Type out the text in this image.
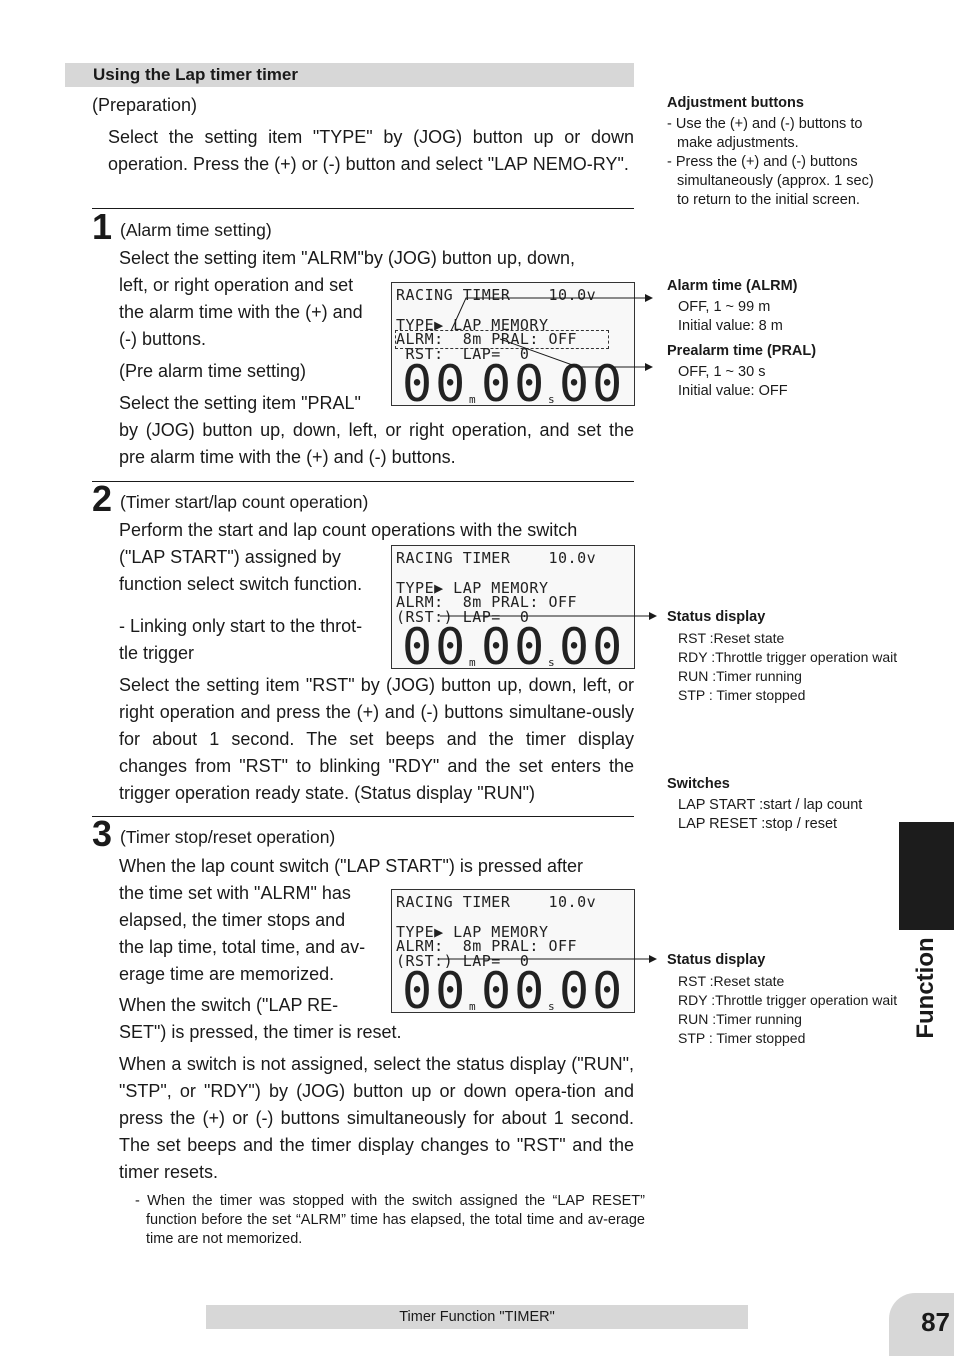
Using the Lap timer timer
(Preparation)
Select the setting item "TYPE" by (JOG) button up or down operation. Press the (+) or (-) button and select "LAP NEMO-RY".
1 (Alarm time setting)
Select the setting item "ALRM"by (JOG) button up, down,
left, or right operation and set
the alarm time with the (+) and
(-) buttons.
(Pre alarm time setting)
Select the setting item "PRAL"
by (JOG) button up, down, left, or right operation, and set the pre alarm time with the (+) and (-) buttons.
RACING TIMER    10.0v
TYPE▶ LAP MEMORY
ALRM:  8m PRAL: OFF
RST:  LAP=  0
00 m 00 s 00
2 (Timer start/lap count operation)
Perform the start and lap count operations with the switch
("LAP START") assigned by
function select switch function.
- Linking only start to the throt-
tle trigger
Select the setting item "RST" by (JOG) button up, down, left, or right operation and press the (+) and (-) buttons simultane-ously for about 1 second. The set beeps and the timer display changes from "RST" to blinking "RDY" and the set enters the trigger operation ready state. (Status display "RUN")
RACING TIMER    10.0v
TYPE▶ LAP MEMORY
ALRM:  8m PRAL: OFF
(RST:) LAP=  0
00 m 00 s 00
3 (Timer stop/reset operation)
When the lap count switch ("LAP START") is pressed after
the time set with "ALRM" has
elapsed, the timer stops and
the lap time, total time, and av-
erage time are memorized.
When the switch ("LAP RE-
SET") is pressed, the timer is reset.
When a switch is not assigned, select the status display ("RUN", "STP", or "RDY") by (JOG) button up or down opera-tion and press the (+) or (-) buttons simultaneously for about 1 second. The set beeps and the timer display changes to "RST" and the timer resets.
- When the timer was stopped with the switch assigned the “LAP RESET” function before the set “ALRM” time has elapsed, the total time and av-erage time are not memorized.
RACING TIMER    10.0v
TYPE▶ LAP MEMORY
ALRM:  8m PRAL: OFF
(RST:) LAP=  0
00 m 00 s 00
Adjustment buttons
- Use the (+) and (-) buttons to
make adjustments.
- Press the (+) and (-) buttons
simultaneously (approx. 1 sec)
to return to the initial screen.
Alarm time (ALRM)
OFF, 1 ~ 99 m
Initial value: 8 m
Prealarm time (PRAL)
OFF, 1 ~ 30 s
Initial value: OFF
Status display
RST :Reset state
RDY :Throttle trigger operation wait
RUN :Timer running
STP : Timer stopped
Switches
LAP START :start / lap count
LAP RESET :stop / reset
Status display
RST :Reset state
RDY :Throttle trigger operation wait
RUN :Timer running
STP : Timer stopped	Function
Timer Function "TIMER"	87
